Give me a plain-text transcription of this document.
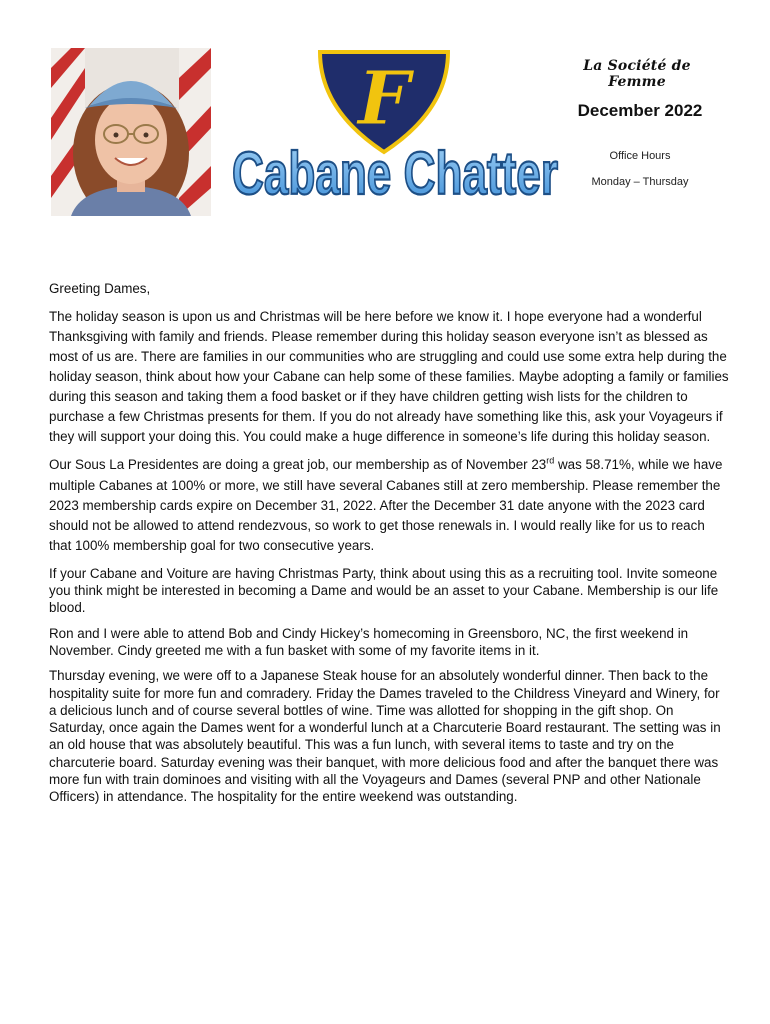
F
Cabane Chatter
La Société de Femme
December 2022
Office Hours
Monday – Thursday

Greeting Dames,

The holiday season is upon us and Christmas will be here before we know it. I hope everyone had a wonderful Thanksgiving with family and friends. Please remember during this holiday season everyone isn’t as blessed as most of us are. There are families in our communities who are struggling and could use some extra help during the holiday season, think about how your Cabane can help some of these families. Maybe adopting a family or families during this season and taking them a food basket or if they have children getting wish lists for the children to purchase a few Christmas presents for them. If you do not already have something like this, ask your Voyageurs if they will support your doing this. You could make a huge difference in someone’s life during this holiday season.

Our Sous La Presidentes are doing a great job, our membership as of November 23rd was 58.71%, while we have multiple Cabanes at 100% or more, we still have several Cabanes still at zero membership. Please remember the 2023 membership cards expire on December 31, 2022. After the December 31 date anyone with the 2023 card should not be allowed to attend rendezvous, so work to get those renewals in. I would really like for us to reach that 100% membership goal for two consecutive years.

If your Cabane and Voiture are having Christmas Party, think about using this as a recruiting tool. Invite someone you think might be interested in becoming a Dame and would be an asset to your Cabane. Membership is our life blood.

Ron and I were able to attend Bob and Cindy Hickey’s homecoming in Greensboro, NC, the first weekend in November. Cindy greeted me with a fun basket with some of my favorite items in it.

Thursday evening, we were off to a Japanese Steak house for an absolutely wonderful dinner. Then back to the hospitality suite for more fun and comradery. Friday the Dames traveled to the Childress Vineyard and Winery, for a delicious lunch and of course several bottles of wine. Time was allotted for shopping in the gift shop. On Saturday, once again the Dames went for a wonderful lunch at a Charcuterie Board restaurant. The setting was in an old house that was absolutely beautiful. This was a fun lunch, with several items to taste and try on the charcuterie board. Saturday evening was their banquet, with more delicious food and after the banquet there was more fun with train dominoes and visiting with all the Voyageurs and Dames (several PNP and other Nationale Officers) in attendance. The hospitality for the entire weekend was outstanding.
